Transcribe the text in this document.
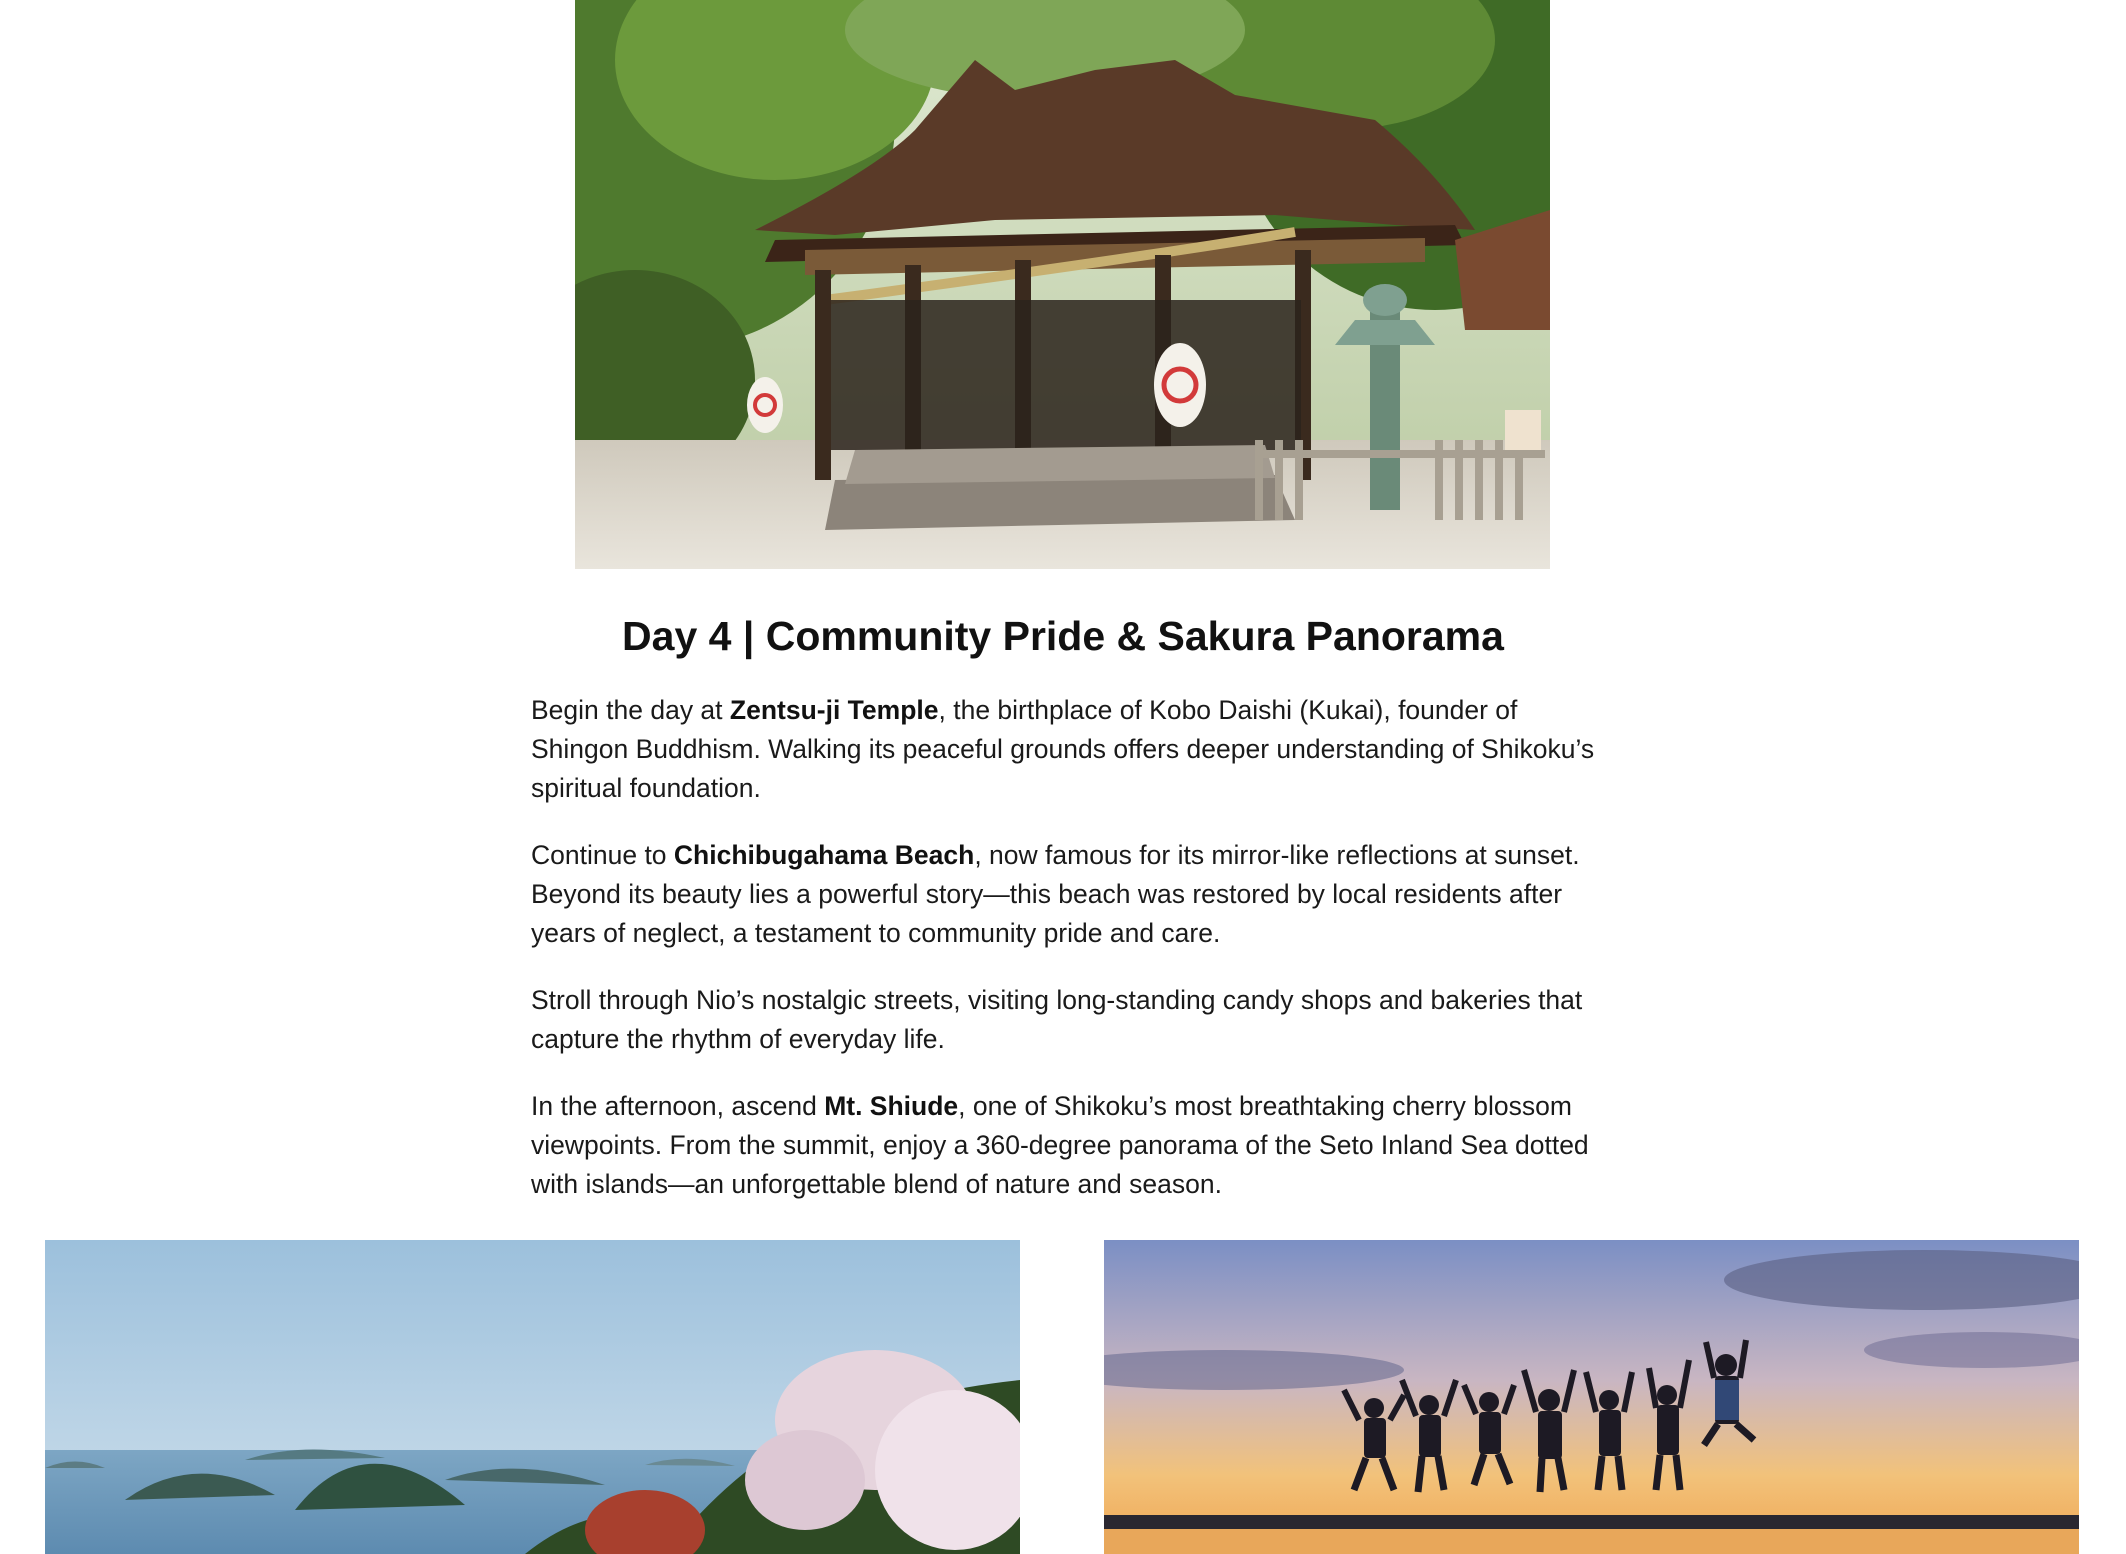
Day 4 | Community Pride & Sakura Panorama

Begin the day at Zentsu-ji Temple, the birthplace of Kobo Daishi (Kukai), founder of Shingon Buddhism. Walking its peaceful grounds offers deeper understanding of Shikoku’s spiritual foundation.

Continue to Chichibugahama Beach, now famous for its mirror-like reflections at sunset. Beyond its beauty lies a powerful story—this beach was restored by local residents after years of neglect, a testament to community pride and care.

Stroll through Nio’s nostalgic streets, visiting long-standing candy shops and bakeries that capture the rhythm of everyday life.

In the afternoon, ascend Mt. Shiude, one of Shikoku’s most breathtaking cherry blossom viewpoints. From the summit, enjoy a 360-degree panorama of the Seto Inland Sea dotted with islands—an unforgettable blend of nature and season.
